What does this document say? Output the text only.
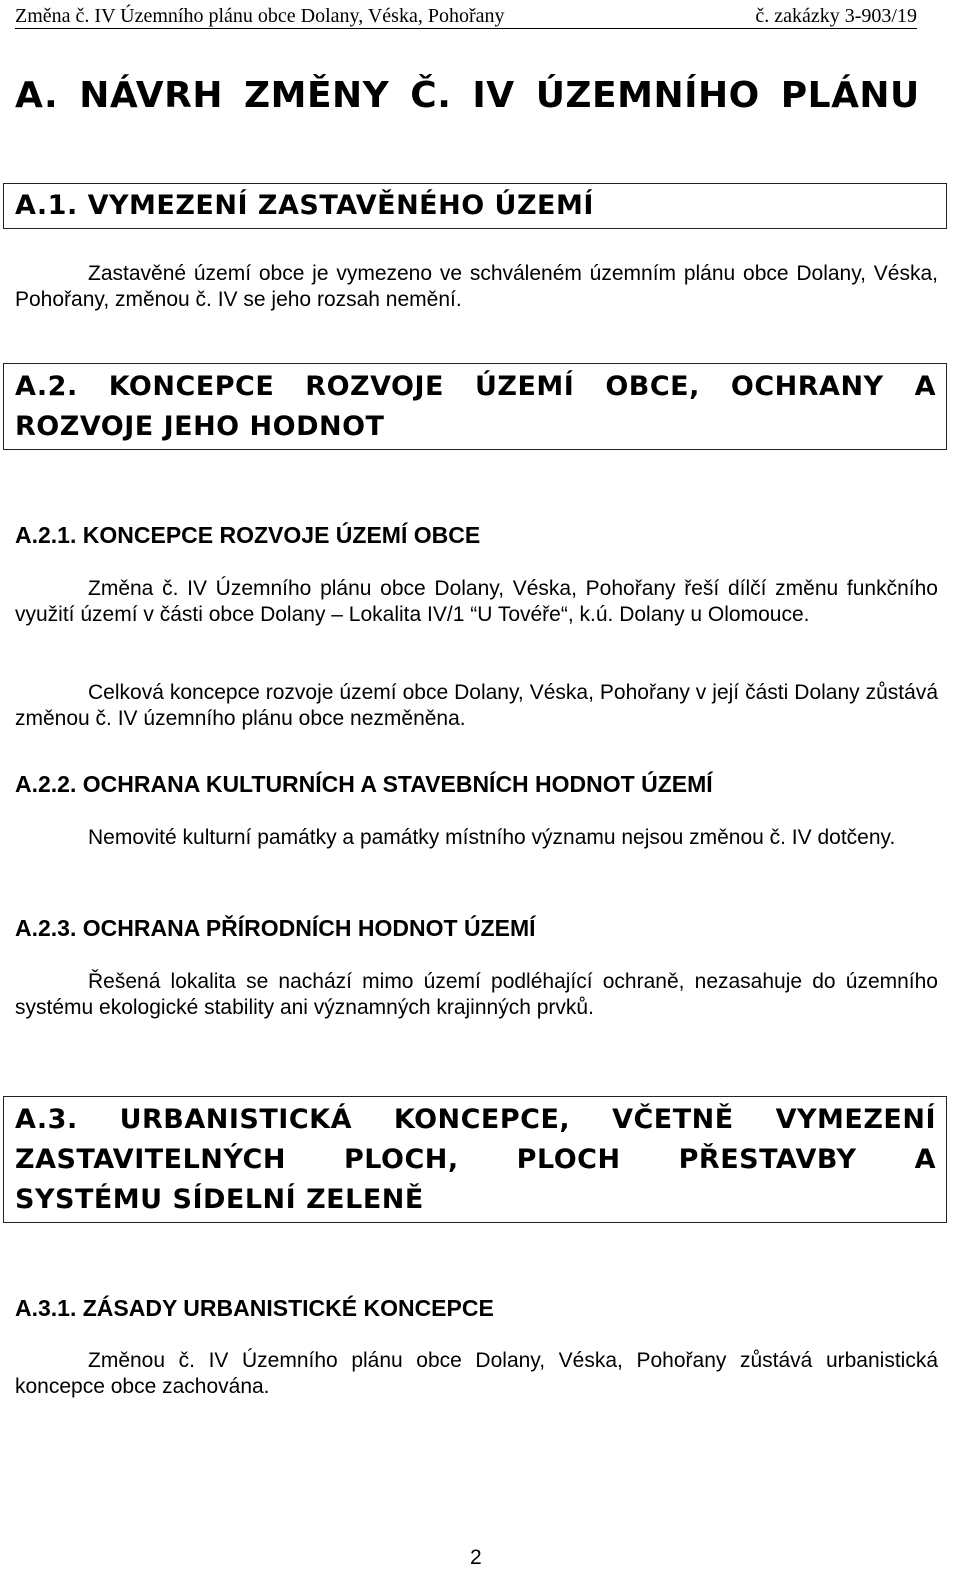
Změna č. IV Územního plánu obce Dolany, Véska, Pohořany	č. zakázky 3-903/19
A. NÁVRH ZMĚNY Č. IV ÚZEMNÍHO PLÁNU
A.1. VYMEZENÍ ZASTAVĚNÉHO ÚZEMÍ
Zastavěné území obce je vymezeno ve schváleném územním plánu obce Dolany, Véska, Pohořany, změnou č. IV se jeho rozsah nemění.
A.2. KONCEPCE ROZVOJE ÚZEMÍ OBCE, OCHRANY A
ROZVOJE JEHO HODNOT
A.2.1. KONCEPCE ROZVOJE ÚZEMÍ OBCE
Změna č. IV Územního plánu obce Dolany, Véska, Pohořany řeší dílčí změnu funkčního využití území v části obce Dolany – Lokalita IV/1 “U Tovéře“, k.ú. Dolany u Olomouce.
Celková koncepce rozvoje území obce Dolany, Véska, Pohořany v její části Dolany zůstává změnou č. IV územního plánu obce nezměněna.
A.2.2. OCHRANA KULTURNÍCH A STAVEBNÍCH HODNOT ÚZEMÍ
Nemovité kulturní památky a památky místního významu nejsou změnou č. IV dotčeny.
A.2.3. OCHRANA PŘÍRODNÍCH HODNOT ÚZEMÍ
Řešená lokalita se nachází mimo území podléhající ochraně, nezasahuje do územního systému ekologické stability ani významných krajinných prvků.
A.3. URBANISTICKÁ KONCEPCE, VČETNĚ VYMEZENÍ
ZASTAVITELNÝCH PLOCH, PLOCH PŘESTAVBY A
SYSTÉMU SÍDELNÍ ZELENĚ
A.3.1. ZÁSADY URBANISTICKÉ KONCEPCE
Změnou č. IV Územního plánu obce Dolany, Véska, Pohořany zůstává urbanistická koncepce obce zachována.
2
